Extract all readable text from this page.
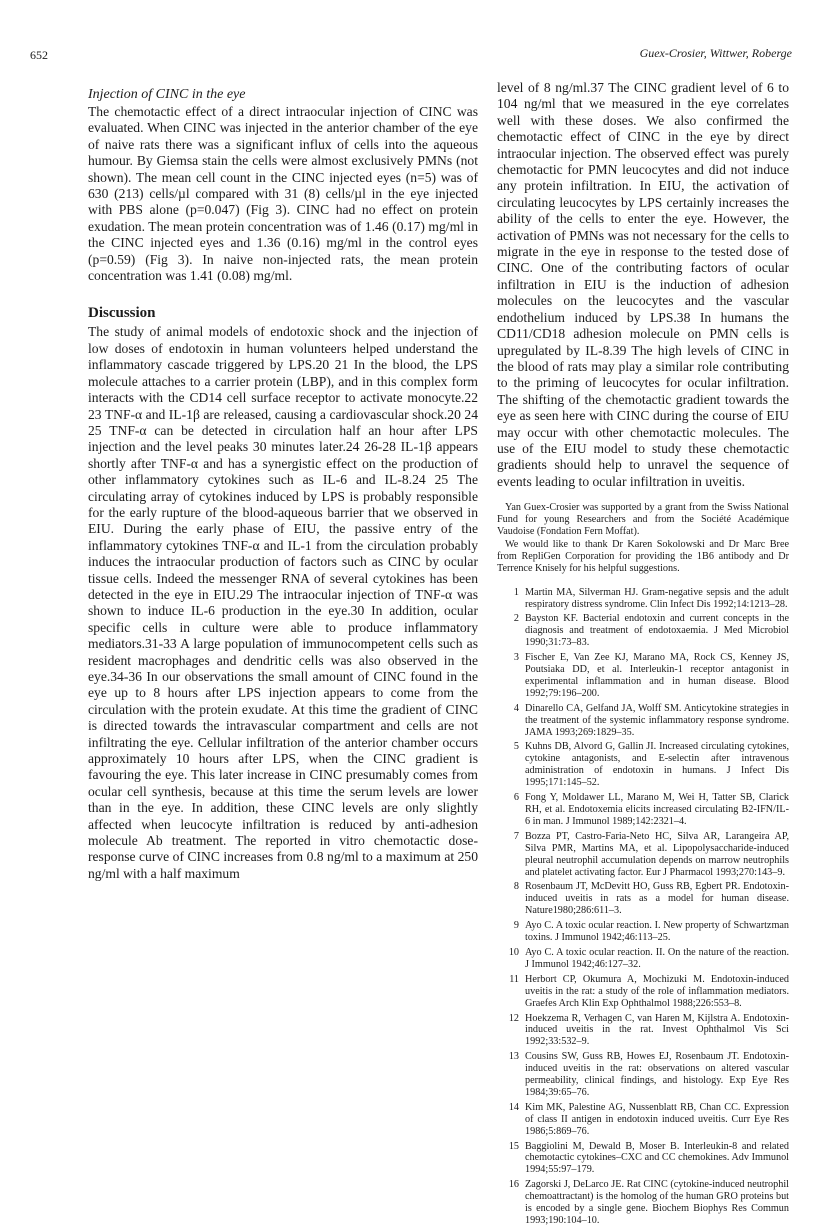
652	Guex-Crosier, Wittwer, Roberge
Injection of CINC in the eye

The chemotactic effect of a direct intraocular injection of CINC was evaluated. When CINC was injected in the anterior chamber of the eye of naive rats there was a significant influx of cells into the aqueous humour. By Giemsa stain the cells were almost exclusively PMNs (not shown). The mean cell count in the CINC injected eyes (n=5) was of 630 (213) cells/µl compared with 31 (8) cells/µl in the eye injected with PBS alone (p=0.047) (Fig 3). CINC had no effect on protein exudation. The mean protein concentration was of 1.46 (0.17) mg/ml in the CINC injected eyes and 1.36 (0.16) mg/ml in the control eyes (p=0.59) (Fig 3). In naive non-injected rats, the mean protein concentration was 1.41 (0.08) mg/ml.

Discussion

The study of animal models of endotoxic shock and the injection of low doses of endotoxin in human volunteers helped understand the inflammatory cascade triggered by LPS.20 21 In the blood, the LPS molecule attaches to a carrier protein (LBP), and in this complex form interacts with the CD14 cell surface receptor to activate monocyte.22 23 TNF-α and IL-1β are released, causing a cardiovascular shock.20 24 25 TNF-α can be detected in circulation half an hour after LPS injection and the level peaks 30 minutes later.24 26-28 IL-1β appears shortly after TNF-α and has a synergistic effect on the production of other inflammatory cytokines such as IL-6 and IL-8.24 25 The circulating array of cytokines induced by LPS is probably responsible for the early rupture of the blood-aqueous barrier that we observed in EIU. During the early phase of EIU, the passive entry of the inflammatory cytokines TNF-α and IL-1 from the circulation probably induces the intraocular production of factors such as CINC by ocular tissue cells. Indeed the messenger RNA of several cytokines has been detected in the eye in EIU.29 The intraocular injection of TNF-α was shown to induce IL-6 production in the eye.30 In addition, ocular specific cells in culture were able to produce inflammatory mediators.31-33 A large population of immunocompetent cells such as resident macrophages and dendritic cells was also observed in the eye.34-36 In our observations the small amount of CINC found in the eye up to 8 hours after LPS injection appears to come from the circulation with the protein exudate. At this time the gradient of CINC is directed towards the intravascular compartment and cells are not infiltrating the eye. Cellular infiltration of the anterior chamber occurs approximately 10 hours after LPS, when the CINC gradient is favouring the eye. This later increase in CINC presumably comes from ocular cell synthesis, because at this time the serum levels are lower than in the eye. In addition, these CINC levels are only slightly affected when leucocyte infiltration is reduced by anti-adhesion molecule Ab treatment. The reported in vitro chemotactic dose-response curve of CINC increases from 0.8 ng/ml to a maximum at 250 ng/ml with a half maximum

level of 8 ng/ml.37 The CINC gradient level of 6 to 104 ng/ml that we measured in the eye correlates well with these doses. We also confirmed the chemotactic effect of CINC in the eye by direct intraocular injection. The observed effect was purely chemotactic for PMN leucocytes and did not induce any protein infiltration. In EIU, the activation of circulating leucocytes by LPS certainly increases the ability of the cells to enter the eye. However, the activation of PMNs was not necessary for the cells to migrate in the eye in response to the tested dose of CINC. One of the contributing factors of ocular infiltration in EIU is the induction of adhesion molecules on the leucocytes and the vascular endothelium induced by LPS.38 In humans the CD11/CD18 adhesion molecule on PMN cells is upregulated by IL-8.39 The high levels of CINC in the blood of rats may play a similar role contributing to the priming of leucocytes for ocular infiltration. The shifting of the chemotactic gradient towards the eye as seen here with CINC during the course of EIU may occur with other chemotactic molecules. The use of the EIU model to study these chemotactic gradients should help to unravel the sequence of events leading to ocular infiltration in uveitis.

Yan Guex-Crosier was supported by a grant from the Swiss National Fund for young Researchers and from the Société Académique Vaudoise (Fondation Fern Moffat).

We would like to thank Dr Karen Sokolowski and Dr Marc Bree from RepliGen Corporation for providing the 1B6 antibody and Dr Terrence Knisely for his helpful suggestions.

1 Martin MA, Silverman HJ. Gram-negative sepsis and the adult respiratory distress syndrome. Clin Infect Dis 1992;14:1213–28.
2 Bayston KF. Bacterial endotoxin and current concepts in the diagnosis and treatment of endotoxaemia. J Med Microbiol 1990;31:73–83.
3 Fischer E, Van Zee KJ, Marano MA, Rock CS, Kenney JS, Poutsiaka DD, et al. Interleukin-1 receptor antagonist in experimental inflammation and in human disease. Blood 1992;79:196–200.
4 Dinarello CA, Gelfand JA, Wolff SM. Anticytokine strategies in the treatment of the systemic inflammatory response syndrome. JAMA 1993;269:1829–35.
5 Kuhns DB, Alvord G, Gallin JI. Increased circulating cytokines, cytokine antagonists, and E-selectin after intravenous administration of endotoxin in humans. J Infect Dis 1995;171:145–52.
6 Fong Y, Moldawer LL, Marano M, Wei H, Tatter SB, Clarick RH, et al. Endotoxemia elicits increased circulating B2-IFN/IL-6 in man. J Immunol 1989;142:2321–4.
7 Bozza PT, Castro-Faria-Neto HC, Silva AR, Larangeira AP, Silva PMR, Martins MA, et al. Lipopolysaccharide-induced pleural neutrophil accumulation depends on marrow neutrophils and platelet activating factor. Eur J Pharmacol 1993;270:143–9.
8 Rosenbaum JT, McDevitt HO, Guss RB, Egbert PR. Endotoxin-induced uveitis in rats as a model for human disease. Nature1980;286:611–3.
9 Ayo C. A toxic ocular reaction. I. New property of Schwartzman toxins. J Immunol 1942;46:113–25.
10 Ayo C. A toxic ocular reaction. II. On the nature of the reaction. J Immunol 1942;46:127–32.
11 Herbort CP, Okumura A, Mochizuki M. Endotoxin-induced uveitis in the rat: a study of the role of inflammation mediators. Graefes Arch Klin Exp Ophthalmol 1988;226:553–8.
12 Hoekzema R, Verhagen C, van Haren M, Kijlstra A. Endotoxin-induced uveitis in the rat. Invest Ophthalmol Vis Sci 1992;33:532–9.
13 Cousins SW, Guss RB, Howes EJ, Rosenbaum JT. Endotoxin-induced uveitis in the rat: observations on altered vascular permeability, clinical findings, and histology. Exp Eye Res 1984;39:65–76.
14 Kim MK, Palestine AG, Nussenblatt RB, Chan CC. Expression of class II antigen in endotoxin induced uveitis. Curr Eye Res 1986;5:869–76.
15 Baggiolini M, Dewald B, Moser B. Interleukin-8 and related chemotactic cytokines–CXC and CC chemokines. Adv Immunol 1994;55:97–179.
16 Zagorski J, DeLarco JE. Rat CINC (cytokine-induced neutrophil chemoattractant) is the homolog of the human GRO proteins but is encoded by a single gene. Biochem Biophys Res Commun 1993;190:104–10.
